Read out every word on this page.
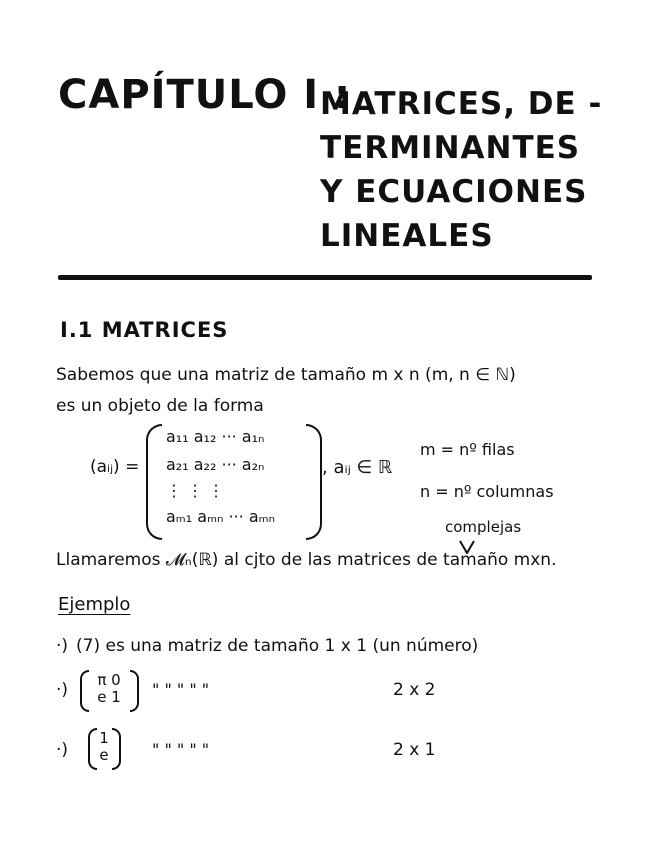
CAPÍTULO I :
MATRICES, DE -
TERMINANTES
Y ECUACIONES
LINEALES
I.1 MATRICES
Sabemos que una matriz de tamaño m x n (m, n ∈ ℕ)
es un objeto de la forma
(aᵢⱼ) =
a₁₁ a₁₂ ··· a₁ₙ
a₂₁ a₂₂ ··· a₂ₙ
⋮ ⋮ ⋮
aₘ₁ aₘₙ ··· aₘₙ
, aᵢⱼ ∈ ℝ
m = nº filas
n = nº columnas
complejas
Llamaremos 𝓜ₙ(ℝ) al cjto de las matrices de tamaño mxn.
Ejemplo
·) (7) es una matriz de tamaño 1 x 1 (un número)
·)	π 0
e 1	" " " " "	2 x 2
·)
1
e	" " " " "	2 x 1
